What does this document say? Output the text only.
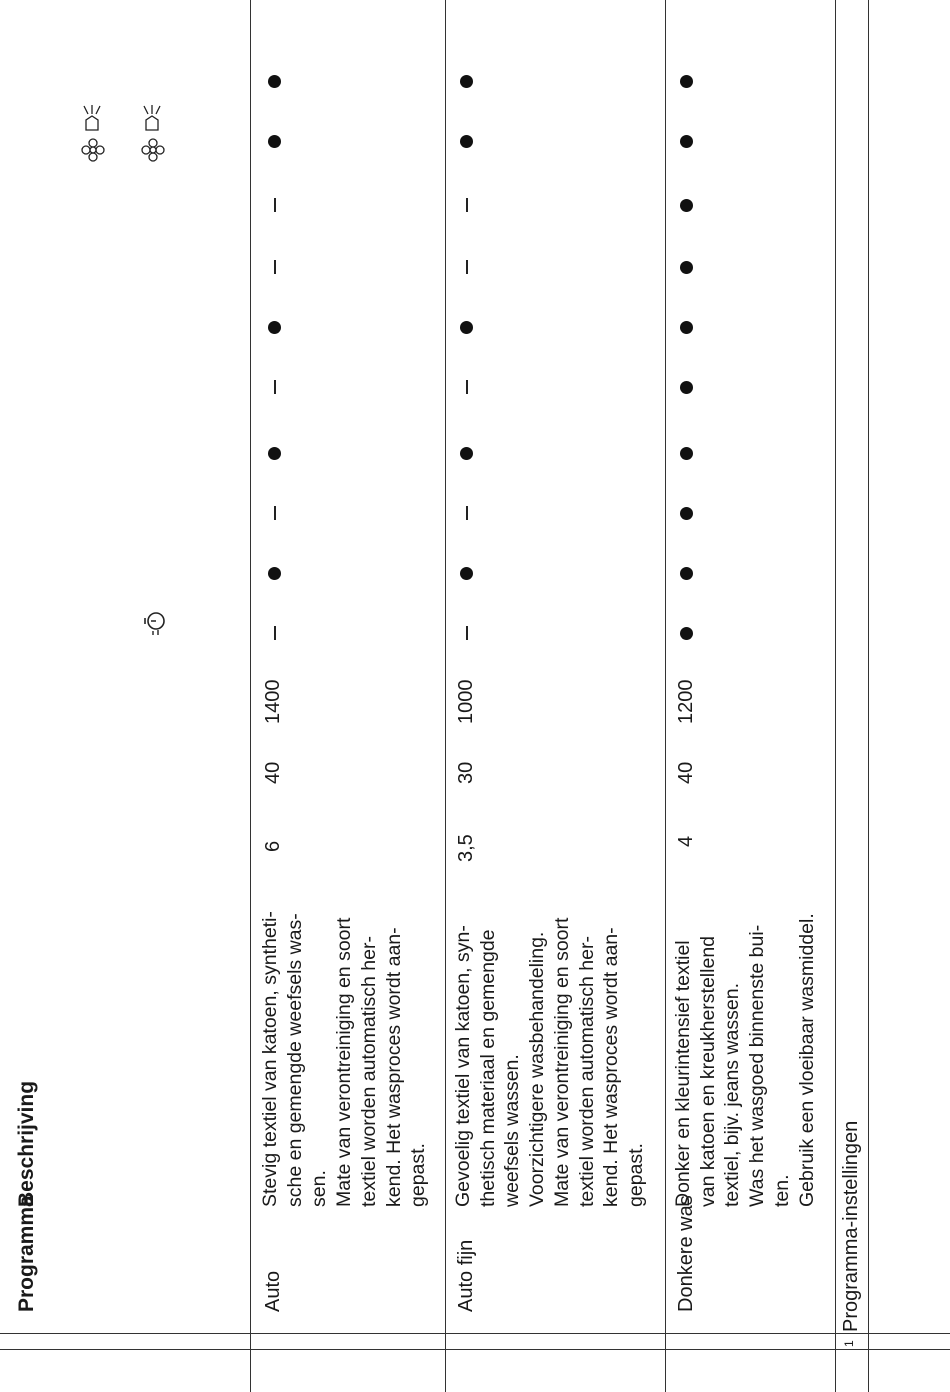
Programma
Beschrijving
Auto
Stevig textiel van katoen, syntheti-
sche en gemengde weefsels was-
sen.
Mate van verontreiniging en soort
textiel worden automatisch her-
kend. Het wasproces wordt aan-
gepast.
6
40
1400
Auto fijn
Gevoelig textiel van katoen, syn-
thetisch materiaal en gemengde
weefsels wassen.
Voorzichtigere wasbehandeling.
Mate van verontreiniging en soort
textiel worden automatisch her-
kend. Het wasproces wordt aan-
gepast.
3,5
30
1000
Donkere was
Donker en kleurintensief textiel
van katoen en kreukherstellend
textiel, bijv. jeans wassen.
Was het wasgoed binnenste bui-
ten.
Gebruik een vloeibaar wasmiddel.
4
40
1200
1
Programma-instellingen
